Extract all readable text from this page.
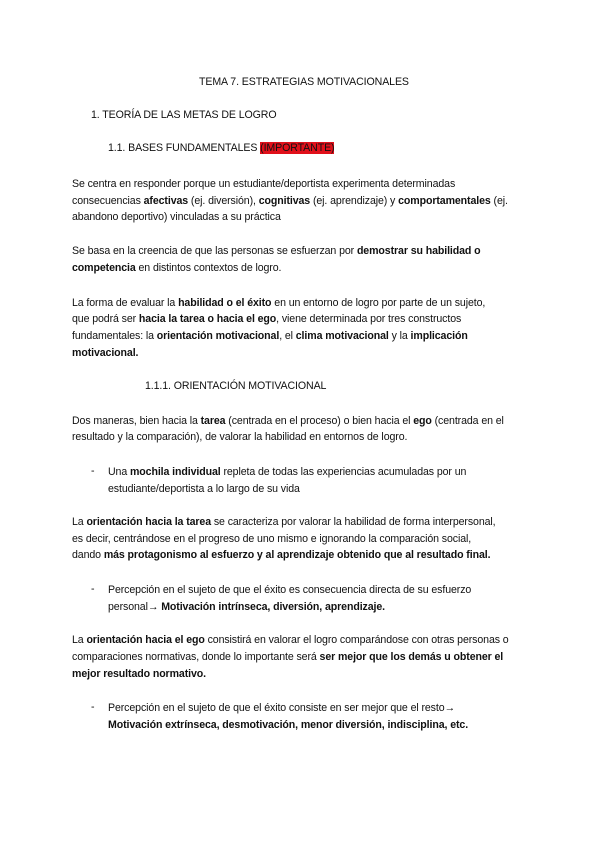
TEMA 7. ESTRATEGIAS MOTIVACIONALES
1. TEORÍA DE LAS METAS DE LOGRO
1.1. BASES FUNDAMENTALES (IMPORTANTE)
Se centra en responder porque un estudiante/deportista experimenta determinadas
consecuencias afectivas (ej. diversión), cognitivas (ej. aprendizaje) y comportamentales (ej.
abandono deportivo) vinculadas a su práctica
Se basa en la creencia de que las personas se esfuerzan por demostrar su habilidad o
competencia en distintos contextos de logro.
La forma de evaluar la habilidad o el éxito en un entorno de logro por parte de un sujeto,
que podrá ser hacia la tarea o hacia el ego, viene determinada por tres constructos
fundamentales: la orientación motivacional, el clima motivacional y la implicación
motivacional.
1.1.1. ORIENTACIÓN MOTIVACIONAL
Dos maneras, bien hacia la tarea (centrada en el proceso) o bien hacia el ego (centrada en el
resultado y la comparación), de valorar la habilidad en entornos de logro.
- Una mochila individual repleta de todas las experiencias acumuladas por un
estudiante/deportista a lo largo de su vida
La orientación hacia la tarea se caracteriza por valorar la habilidad de forma interpersonal,
es decir, centrándose en el progreso de uno mismo e ignorando la comparación social,
dando más protagonismo al esfuerzo y al aprendizaje obtenido que al resultado final.
- Percepción en el sujeto de que el éxito es consecuencia directa de su esfuerzo
personal→ Motivación intrínseca, diversión, aprendizaje.
La orientación hacia el ego consistirá en valorar el logro comparándose con otras personas o
comparaciones normativas, donde lo importante será ser mejor que los demás u obtener el
mejor resultado normativo.
- Percepción en el sujeto de que el éxito consiste en ser mejor que el resto→
Motivación extrínseca, desmotivación, menor diversión, indisciplina, etc.
